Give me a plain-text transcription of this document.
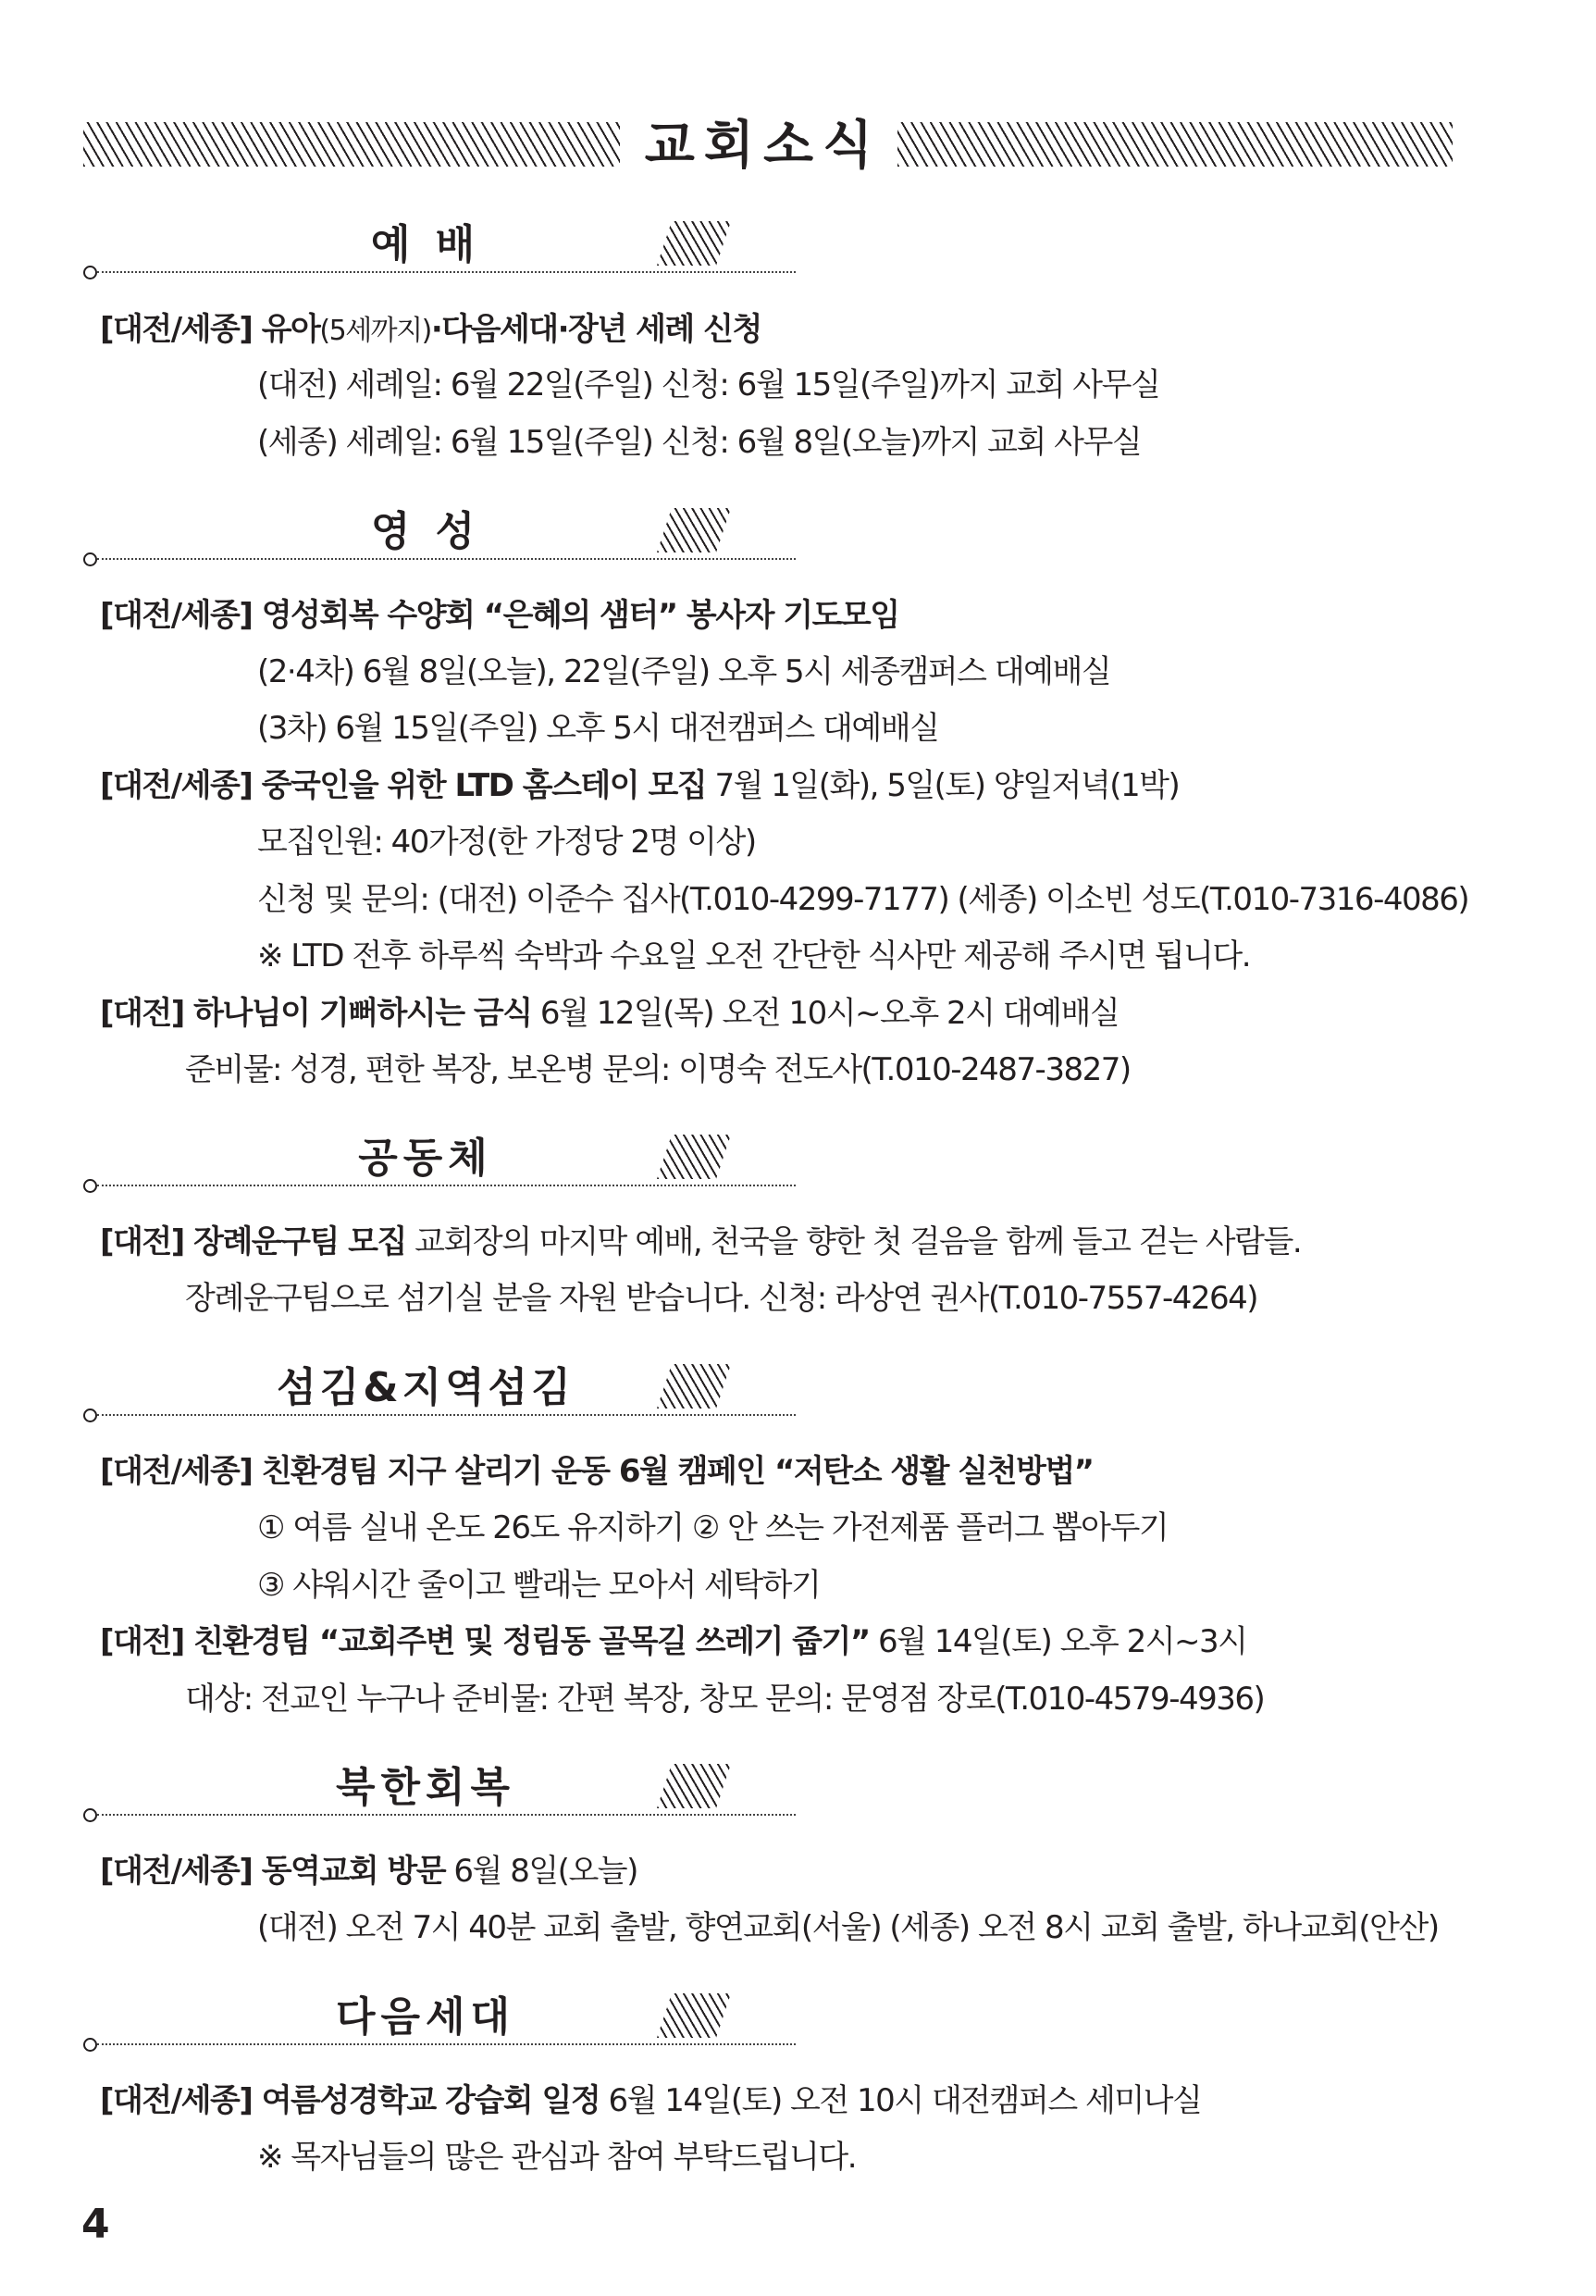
교회소식
예 배
[대전/세종] 유아(5세까지)·다음세대·장년 세례 신청
(대전) 세례일: 6월 22일(주일) 신청: 6월 15일(주일)까지 교회 사무실
(세종) 세례일: 6월 15일(주일) 신청: 6월 8일(오늘)까지 교회 사무실
영 성
[대전/세종] 영성회복 수양회 “은혜의 샘터” 봉사자 기도모임
(2·4차) 6월 8일(오늘), 22일(주일) 오후 5시 세종캠퍼스 대예배실
(3차) 6월 15일(주일) 오후 5시 대전캠퍼스 대예배실
[대전/세종] 중국인을 위한 LTD 홈스테이 모집 7월 1일(화), 5일(토) 양일저녁(1박)
모집인원: 40가정(한 가정당 2명 이상)
신청 및 문의: (대전) 이준수 집사(T.010-4299-7177) (세종) 이소빈 성도(T.010-7316-4086)
※ LTD 전후 하루씩 숙박과 수요일 오전 간단한 식사만 제공해 주시면 됩니다.
[대전] 하나님이 기뻐하시는 금식 6월 12일(목) 오전 10시~오후 2시 대예배실
준비물: 성경, 편한 복장, 보온병 문의: 이명숙 전도사(T.010-2487-3827)
공동체
[대전] 장례운구팀 모집 교회장의 마지막 예배, 천국을 향한 첫 걸음을 함께 들고 걷는 사람들.
장례운구팀으로 섬기실 분을 자원 받습니다. 신청: 라상연 권사(T.010-7557-4264)
섬김&지역섬김
[대전/세종] 친환경팀 지구 살리기 운동 6월 캠페인 “저탄소 생활 실천방법”
① 여름 실내 온도 26도 유지하기 ② 안 쓰는 가전제품 플러그 뽑아두기
③ 샤워시간 줄이고 빨래는 모아서 세탁하기
[대전] 친환경팀 “교회주변 및 정림동 골목길 쓰레기 줍기” 6월 14일(토) 오후 2시~3시
대상: 전교인 누구나 준비물: 간편 복장, 창모 문의: 문영점 장로(T.010-4579-4936)
북한회복
[대전/세종] 동역교회 방문 6월 8일(오늘)
(대전) 오전 7시 40분 교회 출발, 향연교회(서울) (세종) 오전 8시 교회 출발, 하나교회(안산)
다음세대
[대전/세종] 여름성경학교 강습회 일정 6월 14일(토) 오전 10시 대전캠퍼스 세미나실
※ 목자님들의 많은 관심과 참여 부탁드립니다.
4
